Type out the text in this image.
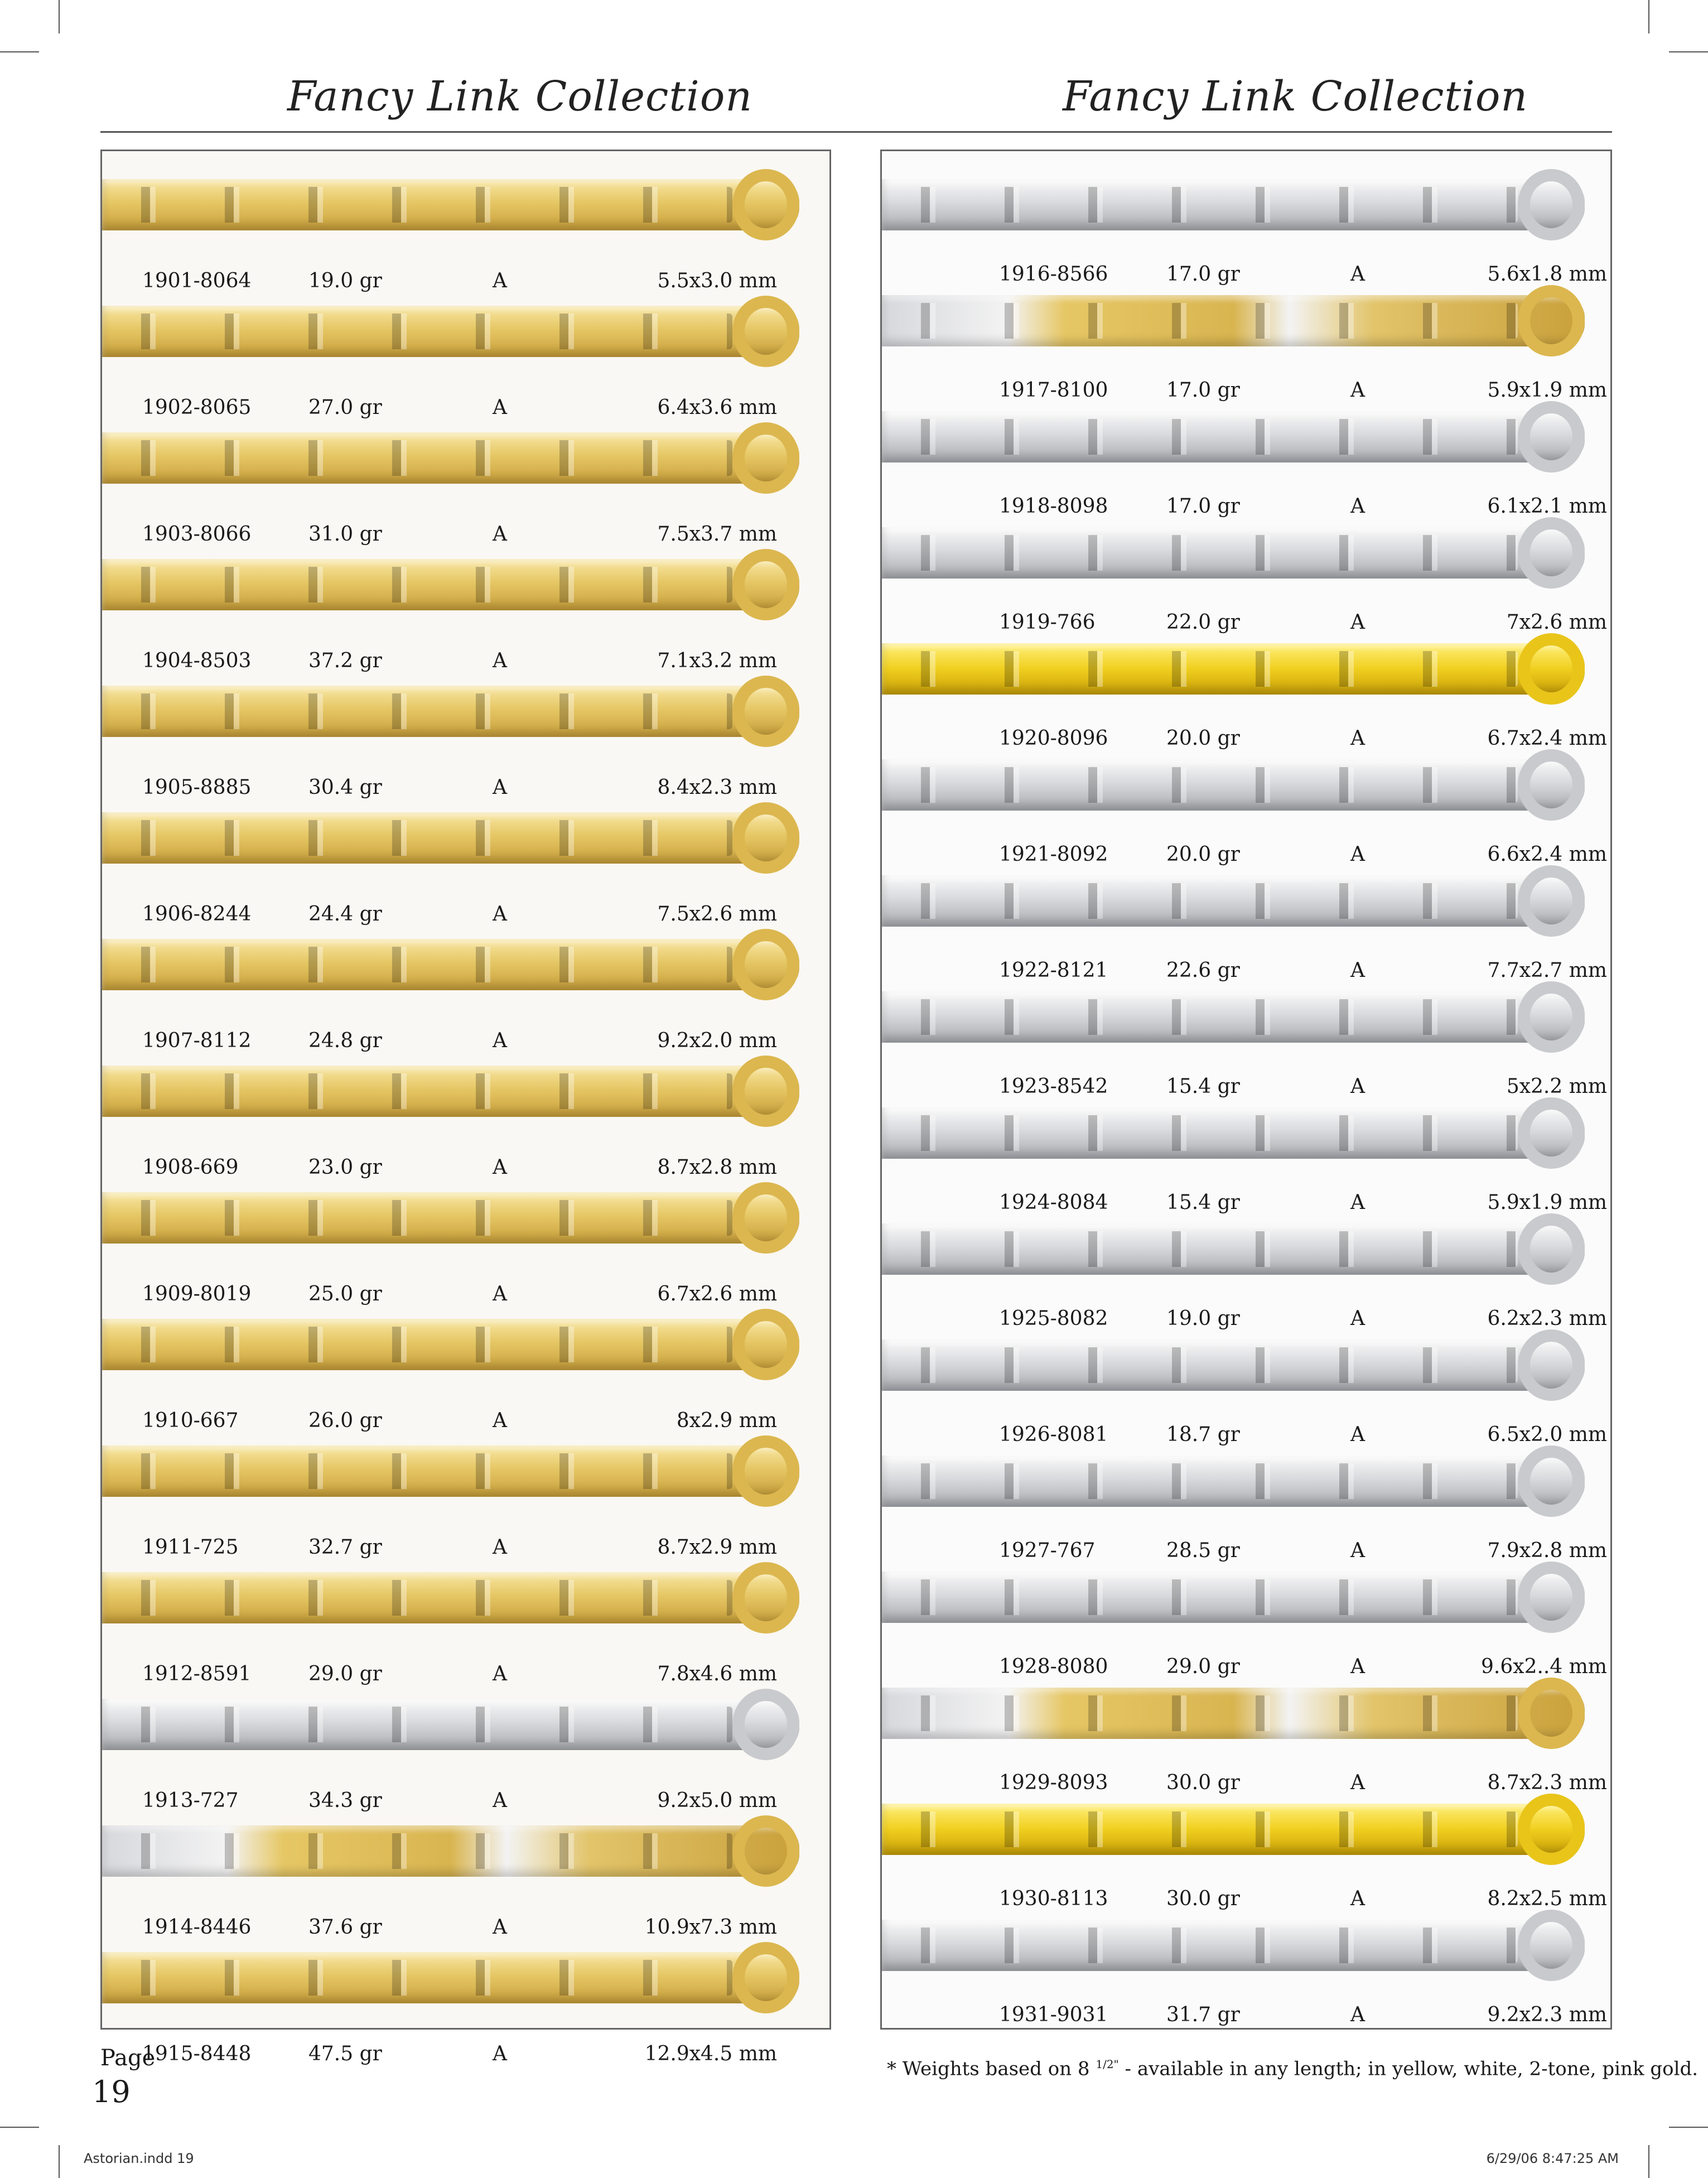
Fancy Link Collection	Fancy Link Collection
1901-8064	19.0 gr	A	5.5x3.0 mm
1902-8065	27.0 gr	A	6.4x3.6 mm
1903-8066	31.0 gr	A	7.5x3.7 mm
1904-8503	37.2 gr	A	7.1x3.2 mm
1905-8885	30.4 gr	A	8.4x2.3 mm
1906-8244	24.4 gr	A	7.5x2.6 mm
1907-8112	24.8 gr	A	9.2x2.0 mm
1908-669	23.0 gr	A	8.7x2.8 mm
1909-8019	25.0 gr	A	6.7x2.6 mm
1910-667	26.0 gr	A	8x2.9 mm
1911-725	32.7 gr	A	8.7x2.9 mm
1912-8591	29.0 gr	A	7.8x4.6 mm
1913-727	34.3 gr	A	9.2x5.0 mm
1914-8446	37.6 gr	A	10.9x7.3 mm
1915-8448	47.5 gr	A	12.9x4.5 mm
1916-8566	17.0 gr	A	5.6x1.8 mm
1917-8100	17.0 gr	A	5.9x1.9 mm
1918-8098	17.0 gr	A	6.1x2.1 mm
1919-766	22.0 gr	A	7x2.6 mm
1920-8096	20.0 gr	A	6.7x2.4 mm
1921-8092	20.0 gr	A	6.6x2.4 mm
1922-8121	22.6 gr	A	7.7x2.7 mm
1923-8542	15.4 gr	A	5x2.2 mm
1924-8084	15.4 gr	A	5.9x1.9 mm
1925-8082	19.0 gr	A	6.2x2.3 mm
1926-8081	18.7 gr	A	6.5x2.0 mm
1927-767	28.5 gr	A	7.9x2.8 mm
1928-8080	29.0 gr	A	9.6x2..4 mm
1929-8093	30.0 gr	A	8.7x2.3 mm
1930-8113	30.0 gr	A	8.2x2.5 mm
1931-9031	31.7 gr	A	9.2x2.3 mm
Page
19
* Weights based on 8 $^{1/2"}$ - available in any length; in yellow, white, 2-tone, pink gold.
Astorian.indd 19	6/29/06 8:47:25 AM
